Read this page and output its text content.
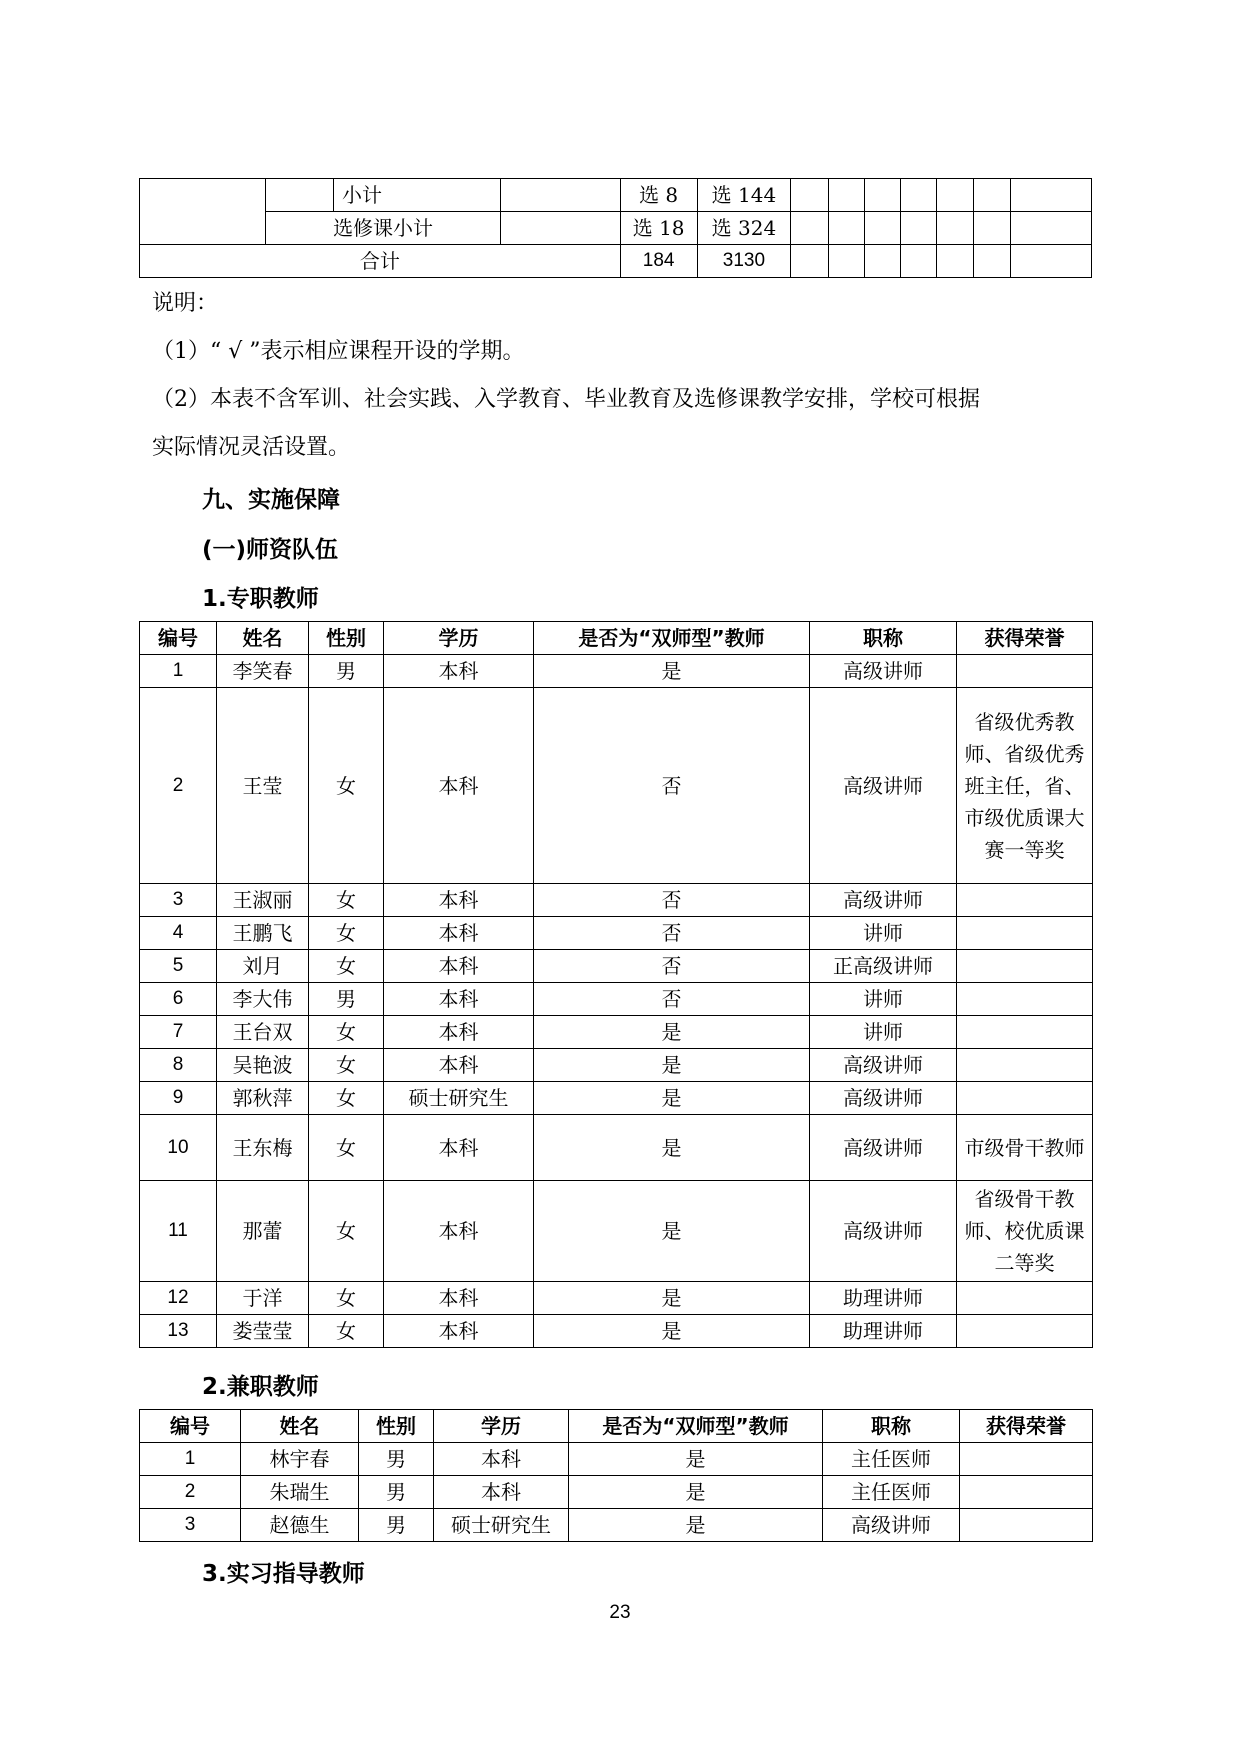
		小计		选 8	选 144							
	选修课小计			选 18	选 324							
合计				184	3130							
说明：
（1）“ √ ”表示相应课程开设的学期。
（2）本表不含军训、社会实践、入学教育、毕业教育及选修课教学安排，学校可根据
实际情况灵活设置。
九、实施保障
(一)师资队伍
1.专职教师
编号	姓名	性别	学历	是否为“双师型”教师	职称	获得荣誉
1	李笑春	男	本科	是	高级讲师	
2	王莹	女	本科	否	高级讲师	省级优秀教师、省级优秀班主任，省、市级优质课大赛一等奖
3	王淑丽	女	本科	否	高级讲师	
4	王鹏飞	女	本科	否	讲师	
5	刘月	女	本科	否	正高级讲师	
6	李大伟	男	本科	否	讲师	
7	王台双	女	本科	是	讲师	
8	吴艳波	女	本科	是	高级讲师	
9	郭秋萍	女	硕士研究生	是	高级讲师	
10	王东梅	女	本科	是	高级讲师	市级骨干教师
11	那蕾	女	本科	是	高级讲师	省级骨干教师、校优质课二等奖
12	于洋	女	本科	是	助理讲师	
13	娄莹莹	女	本科	是	助理讲师	
2.兼职教师
编号	姓名	性别	学历	是否为“双师型”教师	职称	获得荣誉
1	林宇春	男	本科	是	主任医师	
2	朱瑞生	男	本科	是	主任医师	
3	赵德生	男	硕士研究生	是	高级讲师	
3.实习指导教师
23
